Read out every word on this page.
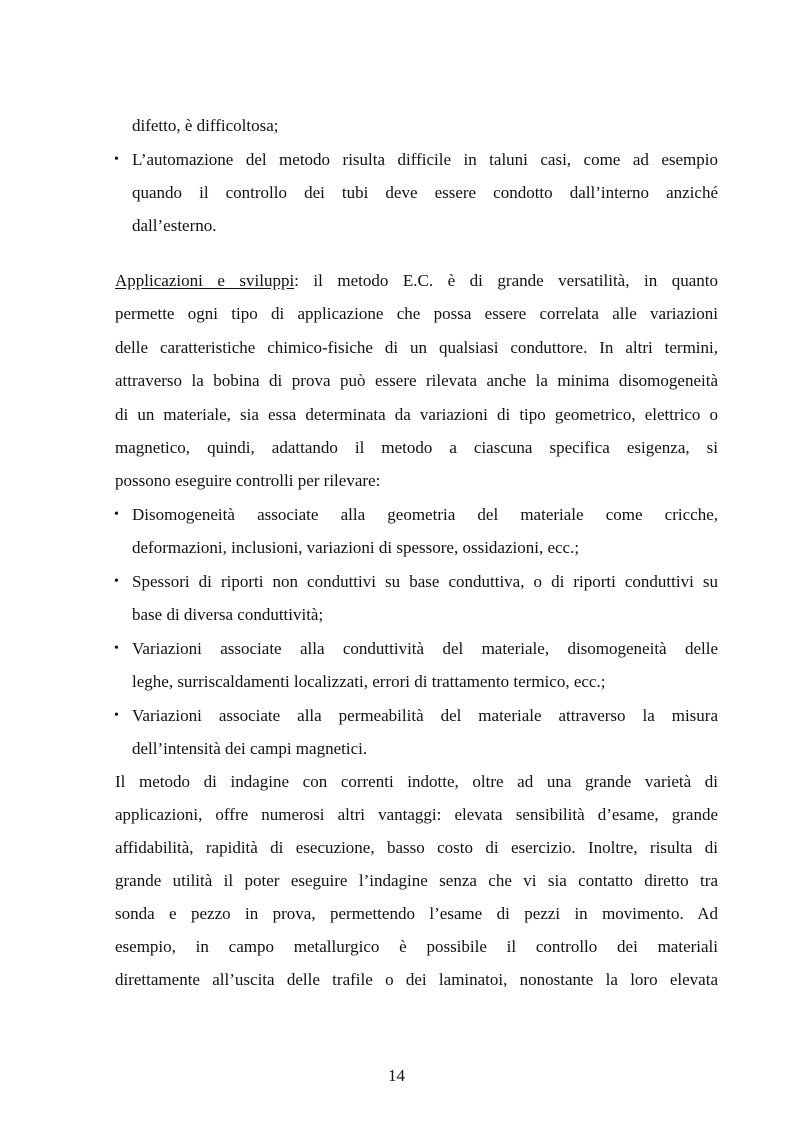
difetto, è difficoltosa;
• L’automazione del metodo risulta difficile in taluni casi, come ad esempio
quando il controllo dei tubi deve essere condotto dall’interno anziché
dall’esterno.
Applicazioni e sviluppi: il metodo E.C. è di grande versatilità, in quanto
permette ogni tipo di applicazione che possa essere correlata alle variazioni
delle caratteristiche chimico-fisiche di un qualsiasi conduttore. In altri termini,
attraverso la bobina di prova può essere rilevata anche la minima disomogeneità
di un materiale, sia essa determinata da variazioni di tipo geometrico, elettrico o
magnetico, quindi, adattando il metodo a ciascuna specifica esigenza, si
possono eseguire controlli per rilevare:
• Disomogeneità associate alla geometria del materiale come cricche,
deformazioni, inclusioni, variazioni di spessore, ossidazioni, ecc.;
• Spessori di riporti non conduttivi su base conduttiva, o di riporti conduttivi su
base di diversa conduttività;
• Variazioni associate alla conduttività del materiale, disomogeneità delle
leghe, surriscaldamenti localizzati, errori di trattamento termico, ecc.;
• Variazioni associate alla permeabilità del materiale attraverso la misura
dell’intensità dei campi magnetici.
Il metodo di indagine con correnti indotte, oltre ad una grande varietà di
applicazioni, offre numerosi altri vantaggi: elevata sensibilità d’esame, grande
affidabilità, rapidità di esecuzione, basso costo di esercizio. Inoltre, risulta di
grande utilità il poter eseguire l’indagine senza che vi sia contatto diretto tra
sonda e pezzo in prova, permettendo l’esame di pezzi in movimento. Ad
esempio, in campo metallurgico è possibile il controllo dei materiali
direttamente all’uscita delle trafile o dei laminatoi, nonostante la loro elevata
14
